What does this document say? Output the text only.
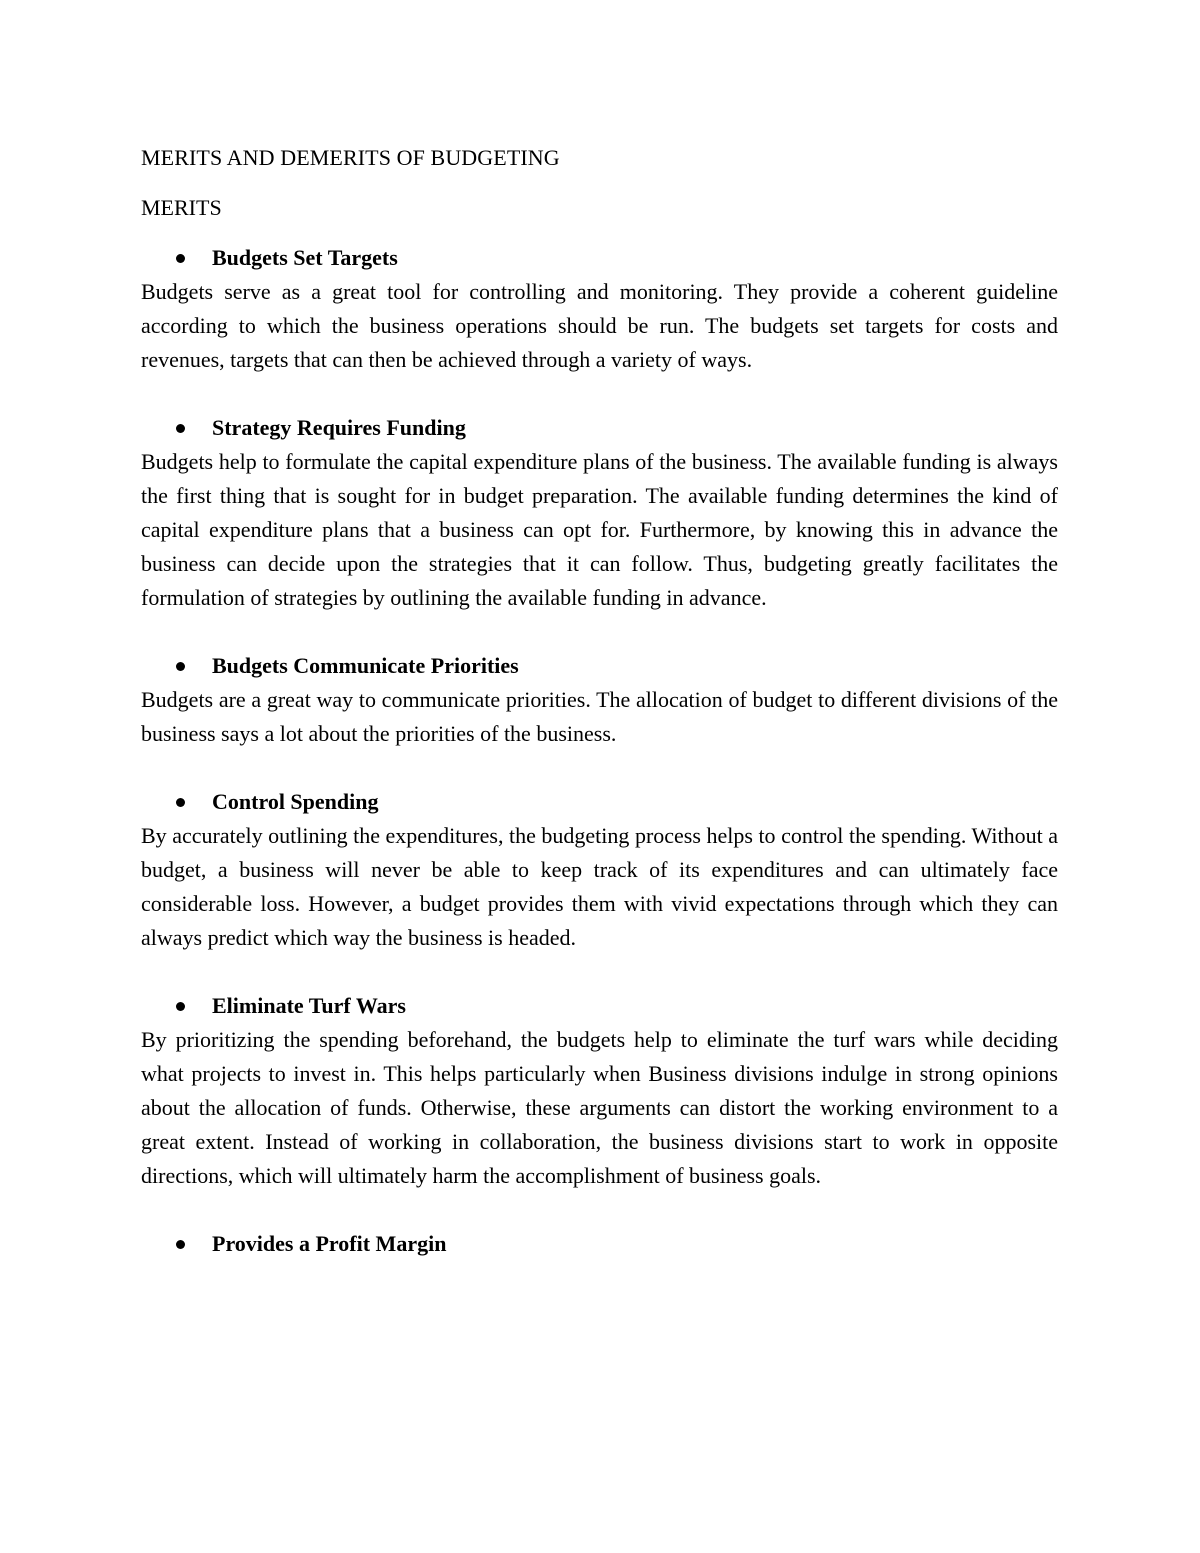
MERITS AND DEMERITS OF BUDGETING
MERITS
Budgets Set Targets

Budgets serve as a great tool for controlling and monitoring. They provide a coherent guideline according to which the business operations should be run. The budgets set targets for costs and revenues, targets that can then be achieved through a variety of ways.

Strategy Requires Funding

Budgets help to formulate the capital expenditure plans of the business. The available funding is always the first thing that is sought for in budget preparation. The available funding determines the kind of capital expenditure plans that a business can opt for. Furthermore, by knowing this in advance the business can decide upon the strategies that it can follow. Thus, budgeting greatly facilitates the formulation of strategies by outlining the available funding in advance.

Budgets Communicate Priorities

Budgets are a great way to communicate priorities. The allocation of budget to different divisions of the business says a lot about the priorities of the business.

Control Spending

By accurately outlining the expenditures, the budgeting process helps to control the spending. Without a budget, a business will never be able to keep track of its expenditures and can ultimately face considerable loss. However, a budget provides them with vivid expectations through which they can always predict which way the business is headed.

Eliminate Turf Wars

By prioritizing the spending beforehand, the budgets help to eliminate the turf wars while deciding what projects to invest in. This helps particularly when Business divisions indulge in strong opinions about the allocation of funds. Otherwise, these arguments can distort the working environment to a great extent. Instead of working in collaboration, the business divisions start to work in opposite directions, which will ultimately harm the accomplishment of business goals.

Provides a Profit Margin
